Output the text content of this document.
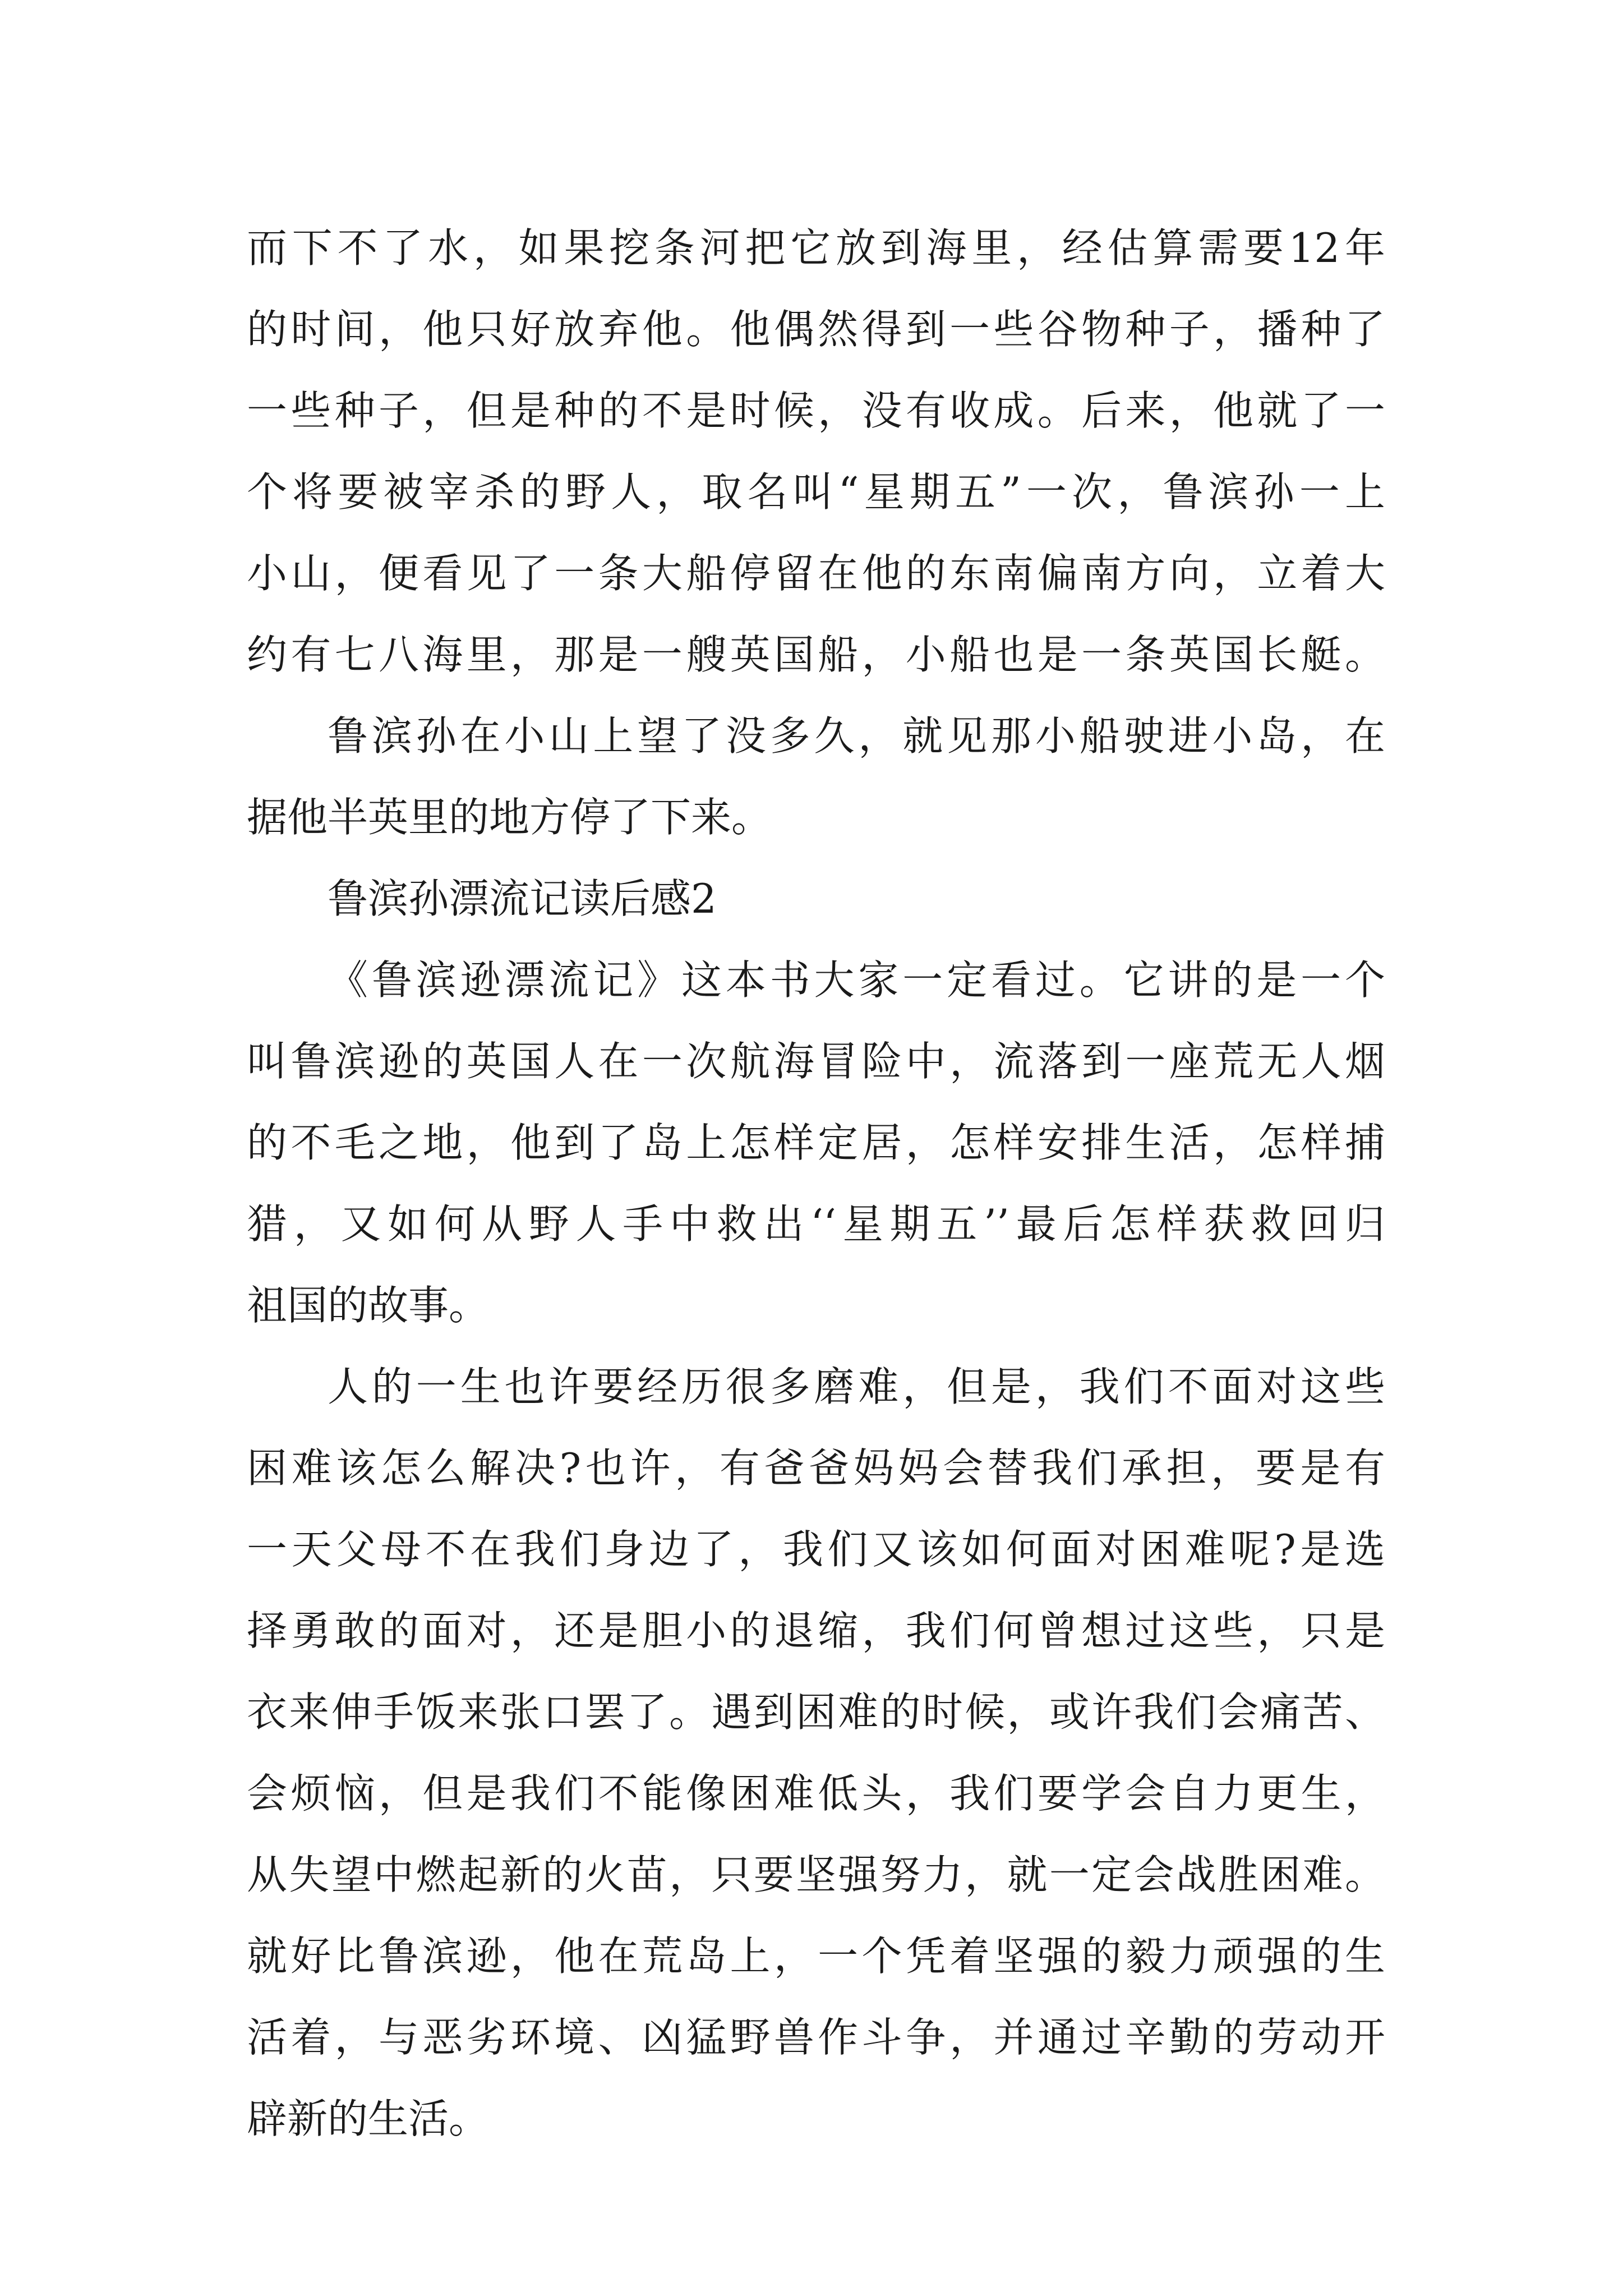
而下不了水，如果挖条河把它放到海里，经估算需要12年
的时间，他只好放弃他。他偶然得到一些谷物种子，播种了
一些种子，但是种的不是时候，没有收成。后来，他就了一
个将要被宰杀的野人，取名叫“星期五”一次，鲁滨孙一上
小山，便看见了一条大船停留在他的东南偏南方向，立着大
约有七八海里，那是一艘英国船，小船也是一条英国长艇。
鲁滨孙在小山上望了没多久，就见那小船驶进小岛，在
据他半英里的地方停了下来。
鲁滨孙漂流记读后感2
《鲁滨逊漂流记》这本书大家一定看过。它讲的是一个
叫鲁滨逊的英国人在一次航海冒险中，流落到一座荒无人烟
的不毛之地，他到了岛上怎样定居，怎样安排生活，怎样捕
猎，又如何从野人手中救出‘‘星期五’’最后怎样获救回归
祖国的故事。
人的一生也许要经历很多磨难，但是，我们不面对这些
困难该怎么解决?也许，有爸爸妈妈会替我们承担，要是有
一天父母不在我们身边了，我们又该如何面对困难呢?是选
择勇敢的面对，还是胆小的退缩，我们何曾想过这些，只是
衣来伸手饭来张口罢了。遇到困难的时候，或许我们会痛苦、
会烦恼，但是我们不能像困难低头，我们要学会自力更生，
从失望中燃起新的火苗，只要坚强努力，就一定会战胜困难。
就好比鲁滨逊，他在荒岛上，一个凭着坚强的毅力顽强的生
活着，与恶劣环境、凶猛野兽作斗争，并通过辛勤的劳动开
辟新的生活。
